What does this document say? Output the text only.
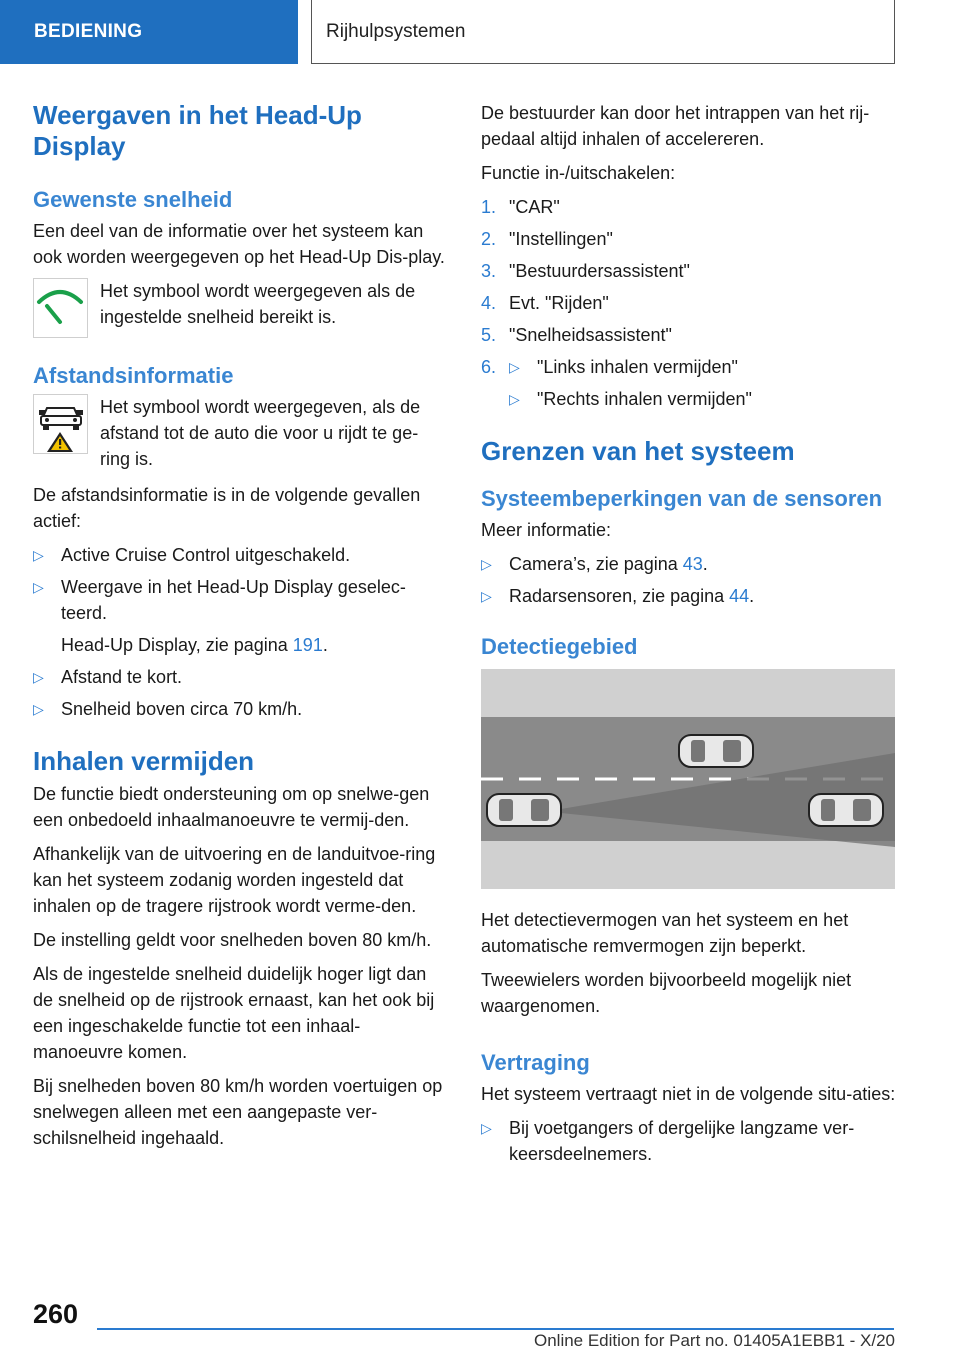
BEDIENING	Rijhulpsystemen
Weergaven in het Head-Up Display
Gewenste snelheid

Een deel van de informatie over het systeem kan ook worden weergegeven op het Head-Up Dis-play.

Het symbool wordt weergegeven als de ingestelde snelheid bereikt is.

Afstandsinformatie

Het symbool wordt weergegeven, als de afstand tot de auto die voor u rijdt te ge-ring is.

De afstandsinformatie is in de volgende gevallen actief:

▷ Active Cruise Control uitgeschakeld.
▷ Weergave in het Head-Up Display geselec-teerd.
Head-Up Display, zie pagina 191.
▷ Afstand te kort.
▷ Snelheid boven circa 70 km/h.
Inhalen vermijden

De functie biedt ondersteuning om op snelwe-gen een onbedoeld inhaalmanoeuvre te vermij-den.

Afhankelijk van de uitvoering en de landuitvoe-ring kan het systeem zodanig worden ingesteld dat inhalen op de tragere rijstrook wordt verme-den.

De instelling geldt voor snelheden boven 80 km/h.

Als de ingestelde snelheid duidelijk hoger ligt dan de snelheid op de rijstrook ernaast, kan het ook bij een ingeschakelde functie tot een inhaal-manoeuvre komen.

Bij snelheden boven 80 km/h worden voertuigen op snelwegen alleen met een aangepaste ver-schilsnelheid ingehaald.

De bestuurder kan door het intrappen van het rij-pedaal altijd inhalen of accelereren.

Functie in-/uitschakelen:

1. "CAR"
2. "Instellingen"
3. "Bestuurdersassistent"
4. Evt. "Rijden"
5. "Snelheidsassistent"
6. ▷ "Links inhalen vermijden"
▷ "Rechts inhalen vermijden"
Grenzen van het systeem
Systeembeperkingen van de sensoren

Meer informatie:

▷ Camera’s, zie pagina 43.
▷ Radarsensoren, zie pagina 44.
Detectiegebied

Het detectievermogen van het systeem en het automatische remvermogen zijn beperkt.

Tweewielers worden bijvoorbeeld mogelijk niet waargenomen.

Vertraging

Het systeem vertraagt niet in de volgende situ-aties:

▷ Bij voetgangers of dergelijke langzame ver-keersdeelnemers.
260
Online Edition for Part no. 01405A1EBB1 - X/20
